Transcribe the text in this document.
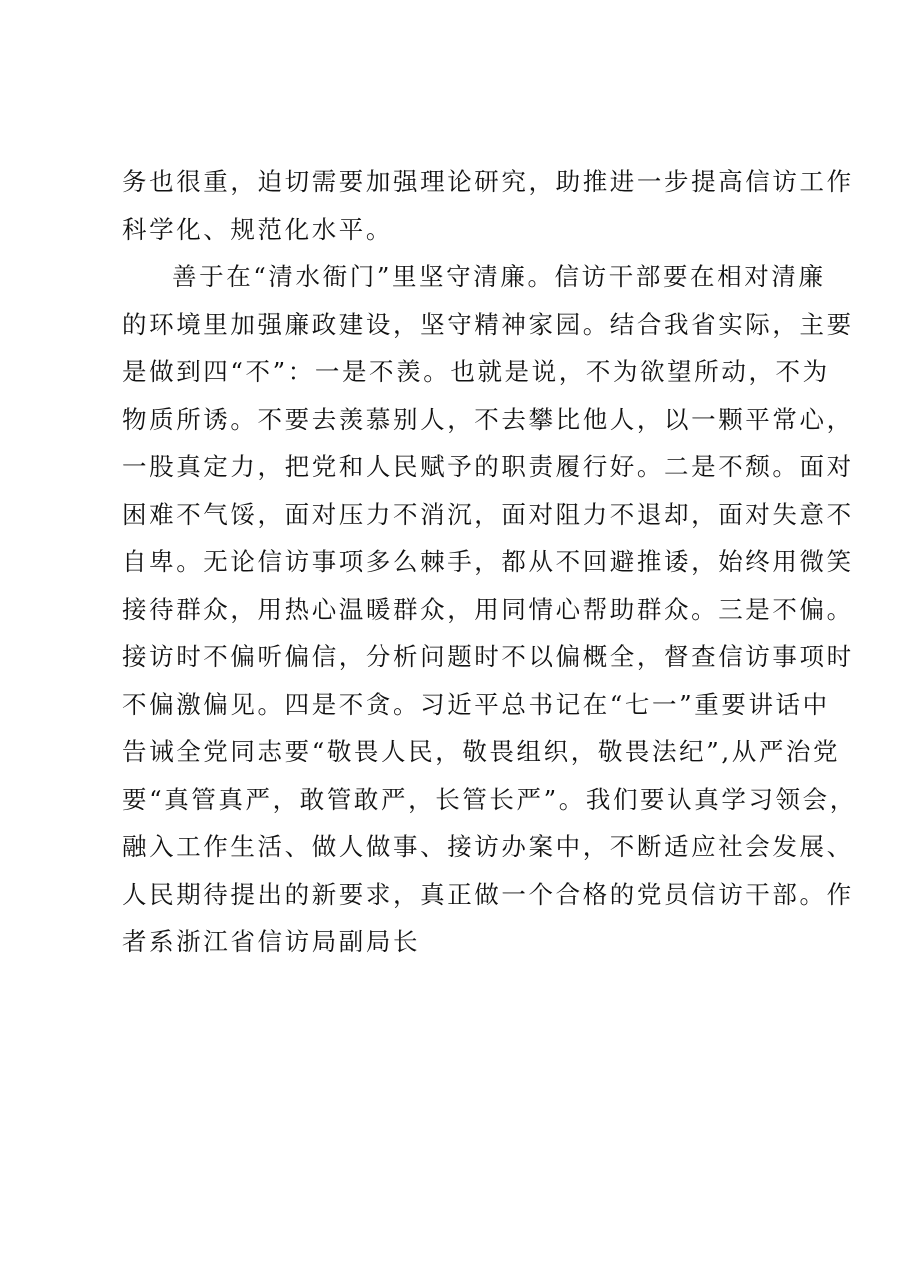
务也很重，迫切需要加强理论研究，助推进一步提高信访工作
科学化、规范化水平。
善于在“清水衙门”里坚守清廉。信访干部要在相对清廉
的环境里加强廉政建设，坚守精神家园。结合我省实际，主要
是做到四“不”：一是不羡。也就是说，不为欲望所动，不为
物质所诱。不要去羡慕别人，不去攀比他人，以一颗平常心，
一股真定力，把党和人民赋予的职责履行好。二是不颓。面对
困难不气馁，面对压力不消沉，面对阻力不退却，面对失意不
自卑。无论信访事项多么棘手，都从不回避推诿，始终用微笑
接待群众，用热心温暖群众，用同情心帮助群众。三是不偏。
接访时不偏听偏信，分析问题时不以偏概全，督查信访事项时
不偏激偏见。四是不贪。习近平总书记在“七一”重要讲话中
告诫全党同志要“敬畏人民，敬畏组织，敬畏法纪”,从严治党
要“真管真严，敢管敢严，长管长严”。我们要认真学习领会，
融入工作生活、做人做事、接访办案中，不断适应社会发展、
人民期待提出的新要求，真正做一个合格的党员信访干部。作
者系浙江省信访局副局长
